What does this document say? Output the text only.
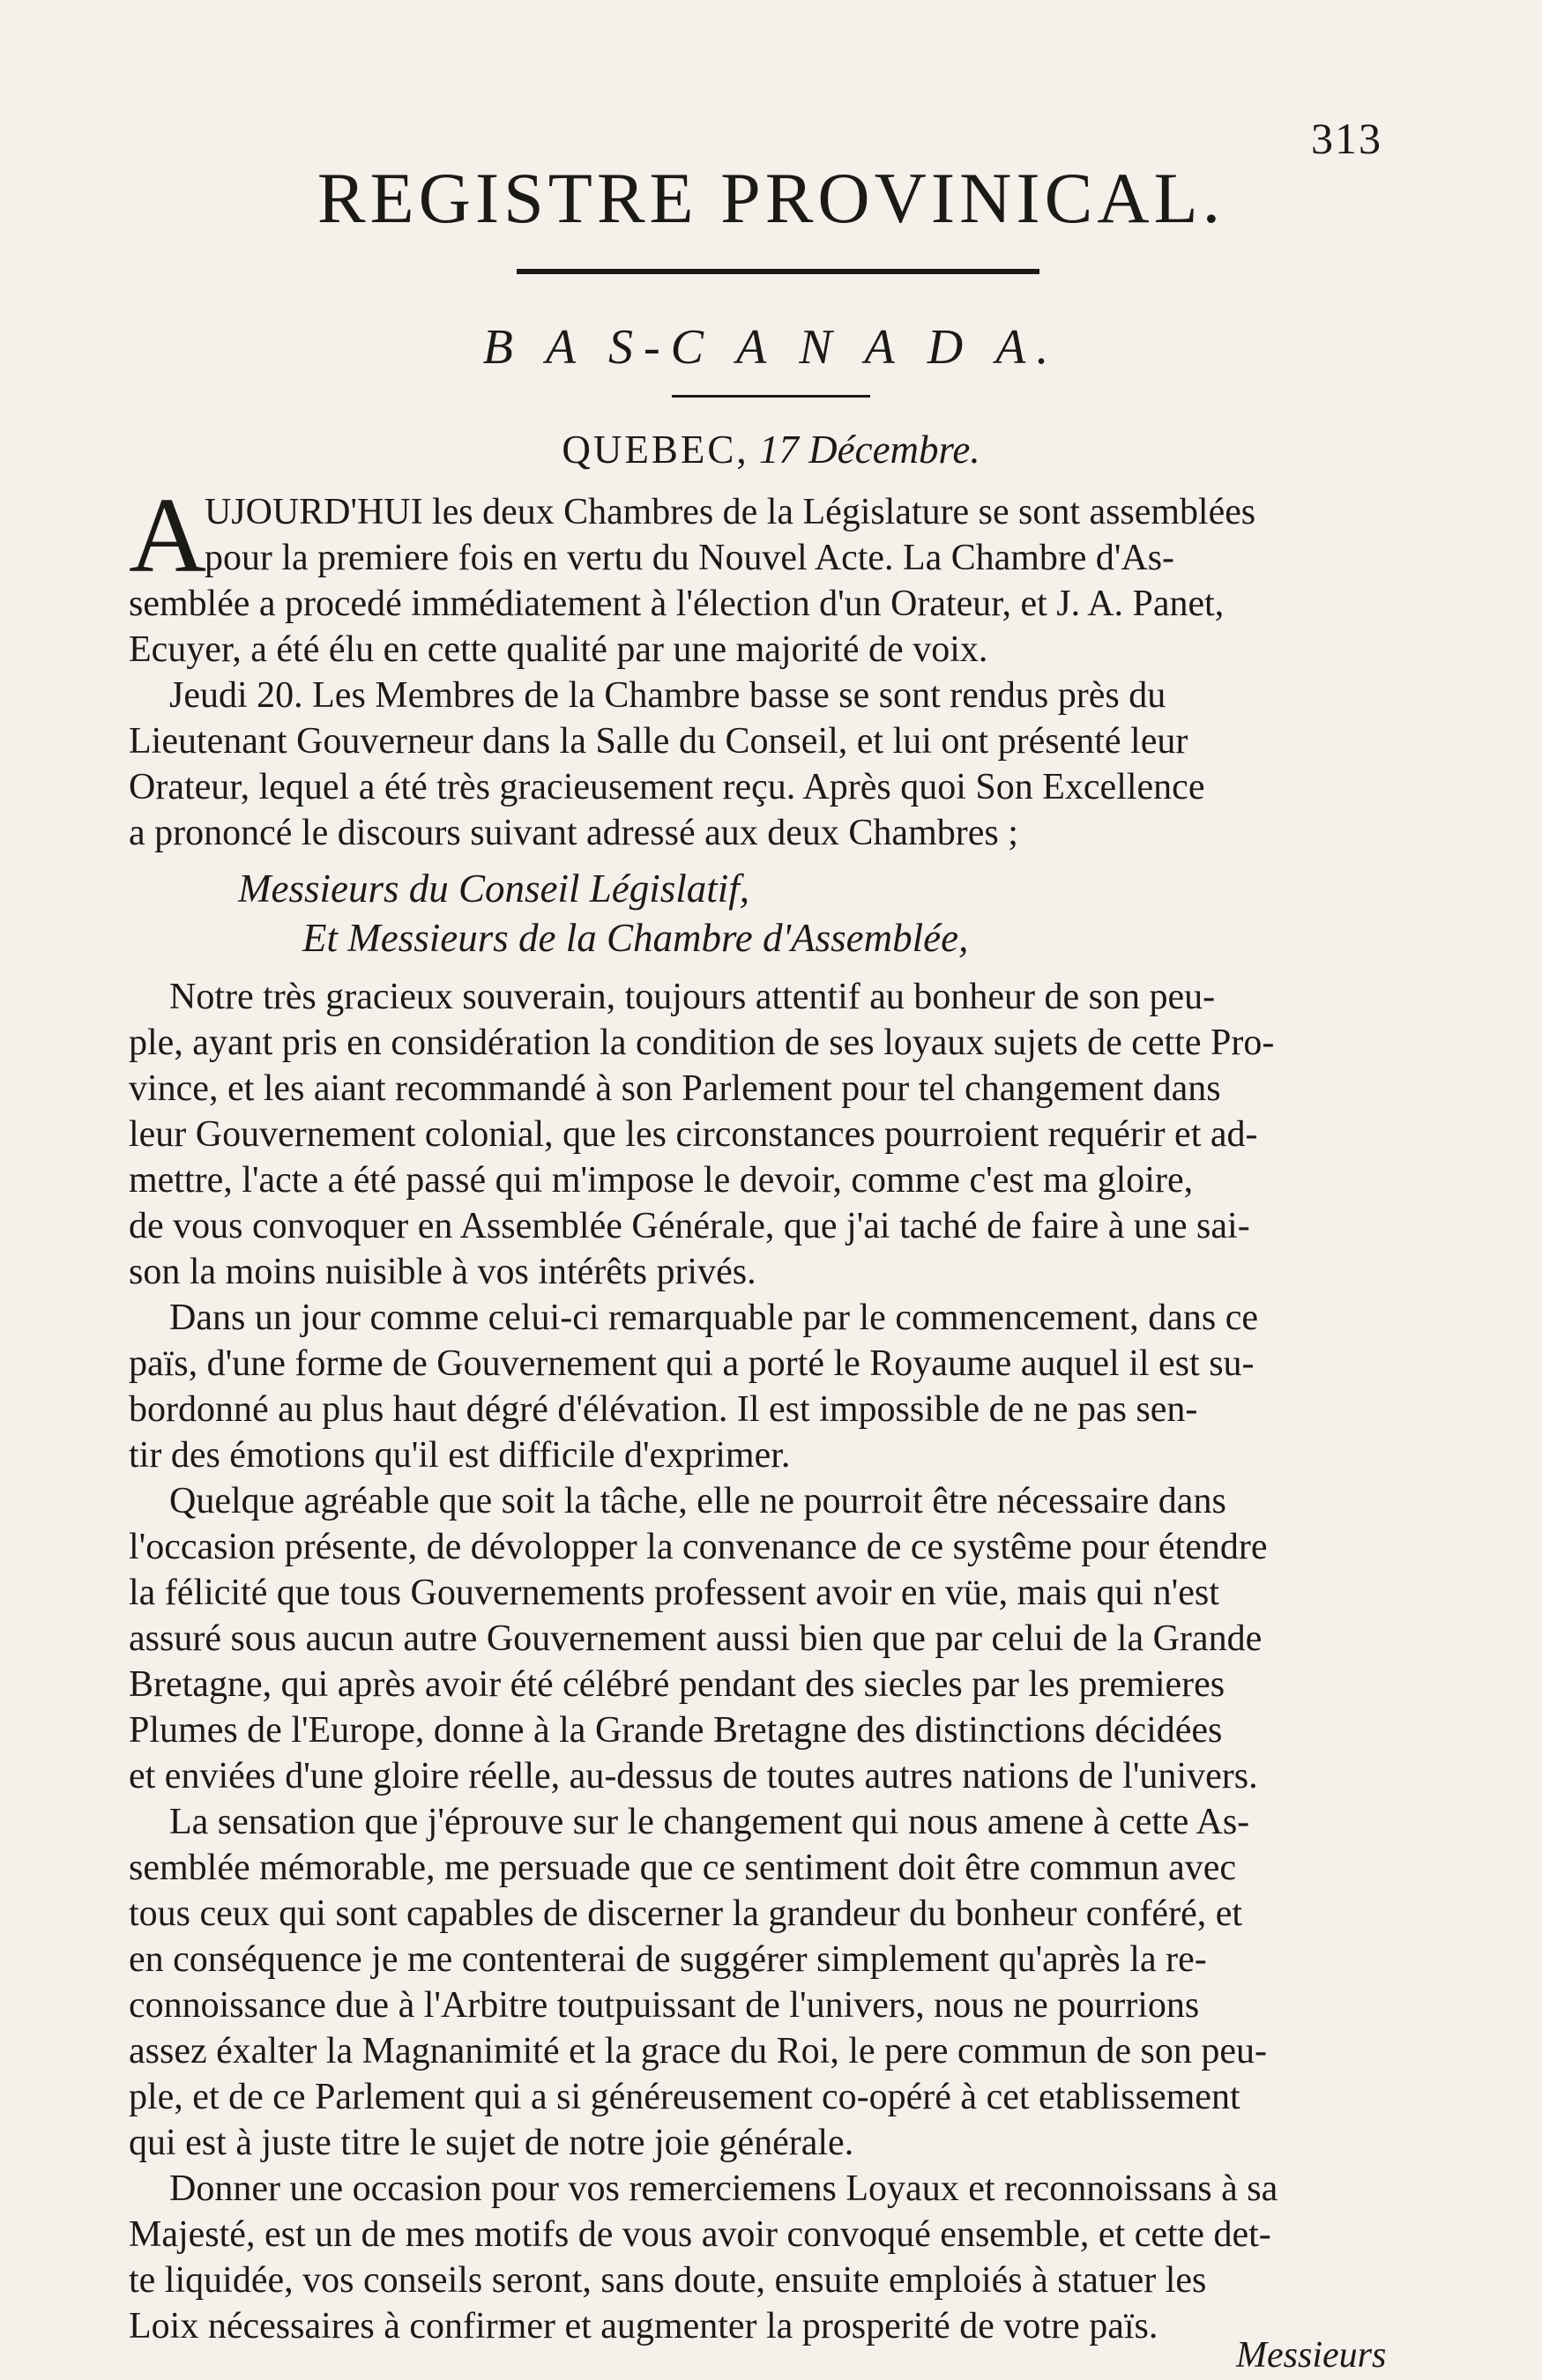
313
REGISTRE PROVINICAL.
B A S-C A N A D A.
QUEBEC, 17 Décembre.
A
UJOURD'HUI les deux Chambres de la Législature se sont assemblées
pour la premiere fois en vertu du Nouvel Acte. La Chambre d'As-
semblée a procedé immédiatement à l'élection d'un Orateur, et J. A. Panet,
Ecuyer, a été élu en cette qualité par une majorité de voix.
Jeudi 20. Les Membres de la Chambre basse se sont rendus près du
Lieutenant Gouverneur dans la Salle du Conseil, et lui ont présenté leur
Orateur, lequel a été très gracieusement reçu. Après quoi Son Excellence
a prononcé le discours suivant adressé aux deux Chambres ;
Messieurs du Conseil Législatif,
Et Messieurs de la Chambre d'Assemblée,
Notre très gracieux souverain, toujours attentif au bonheur de son peu-
ple, ayant pris en considération la condition de ses loyaux sujets de cette Pro-
vince, et les aiant recommandé à son Parlement pour tel changement dans
leur Gouvernement colonial, que les circonstances pourroient requérir et ad-
mettre, l'acte a été passé qui m'impose le devoir, comme c'est ma gloire,
de vous convoquer en Assemblée Générale, que j'ai taché de faire à une sai-
son la moins nuisible à vos intérêts privés.
Dans un jour comme celui-ci remarquable par le commencement, dans ce
païs, d'une forme de Gouvernement qui a porté le Royaume auquel il est su-
bordonné au plus haut dégré d'élévation. Il est impossible de ne pas sen-
tir des émotions qu'il est difficile d'exprimer.
Quelque agréable que soit la tâche, elle ne pourroit être nécessaire dans
l'occasion présente, de dévolopper la convenance de ce systême pour étendre
la félicité que tous Gouvernements professent avoir en vüe, mais qui n'est
assuré sous aucun autre Gouvernement aussi bien que par celui de la Grande
Bretagne, qui après avoir été célébré pendant des siecles par les premieres
Plumes de l'Europe, donne à la Grande Bretagne des distinctions décidées
et enviées d'une gloire réelle, au-dessus de toutes autres nations de l'univers.
La sensation que j'éprouve sur le changement qui nous amene à cette As-
semblée mémorable, me persuade que ce sentiment doit être commun avec
tous ceux qui sont capables de discerner la grandeur du bonheur conféré, et
en conséquence je me contenterai de suggérer simplement qu'après la re-
connoissance due à l'Arbitre toutpuissant de l'univers, nous ne pourrions
assez éxalter la Magnanimité et la grace du Roi, le pere commun de son peu-
ple, et de ce Parlement qui a si généreusement co-opéré à cet etablissement
qui est à juste titre le sujet de notre joie générale.
Donner une occasion pour vos remerciemens Loyaux et reconnoissans à sa
Majesté, est un de mes motifs de vous avoir convoqué ensemble, et cette det-
te liquidée, vos conseils seront, sans doute, ensuite emploiés à statuer les
Loix nécessaires à confirmer et augmenter la prosperité de votre païs.
Messieurs
